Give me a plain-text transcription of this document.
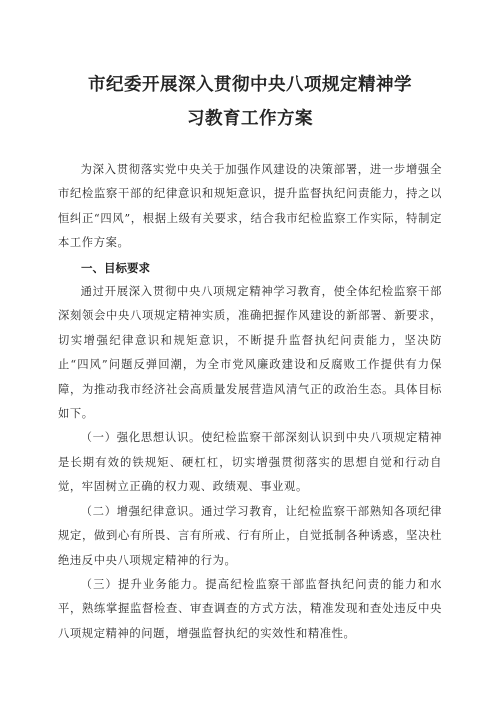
市纪委开展深入贯彻中央八项规定精神学
习教育工作方案

为深入贯彻落实党中央关于加强作风建设的决策部署，进一步增强全市纪检监察干部的纪律意识和规矩意识，提升监督执纪问责能力，持之以恒纠正“四风”，根据上级有关要求，结合我市纪检监察工作实际，特制定本工作方案。

一、目标要求

通过开展深入贯彻中央八项规定精神学习教育，使全体纪检监察干部深刻领会中央八项规定精神实质，准确把握作风建设的新部署、新要求，切实增强纪律意识和规矩意识，不断提升监督执纪问责能力，坚决防止“四风”问题反弹回潮，为全市党风廉政建设和反腐败工作提供有力保障，为推动我市经济社会高质量发展营造风清气正的政治生态。具体目标如下。

（一）强化思想认识。使纪检监察干部深刻认识到中央八项规定精神是长期有效的铁规矩、硬杠杠，切实增强贯彻落实的思想自觉和行动自觉，牢固树立正确的权力观、政绩观、事业观。

（二）增强纪律意识。通过学习教育，让纪检监察干部熟知各项纪律规定，做到心有所畏、言有所戒、行有所止，自觉抵制各种诱惑，坚决杜绝违反中央八项规定精神的行为。

（三）提升业务能力。提高纪检监察干部监督执纪问责的能力和水平，熟练掌握监督检查、审查调查的方式方法，精准发现和查处违反中央八项规定精神的问题，增强监督执纪的实效性和精准性。
